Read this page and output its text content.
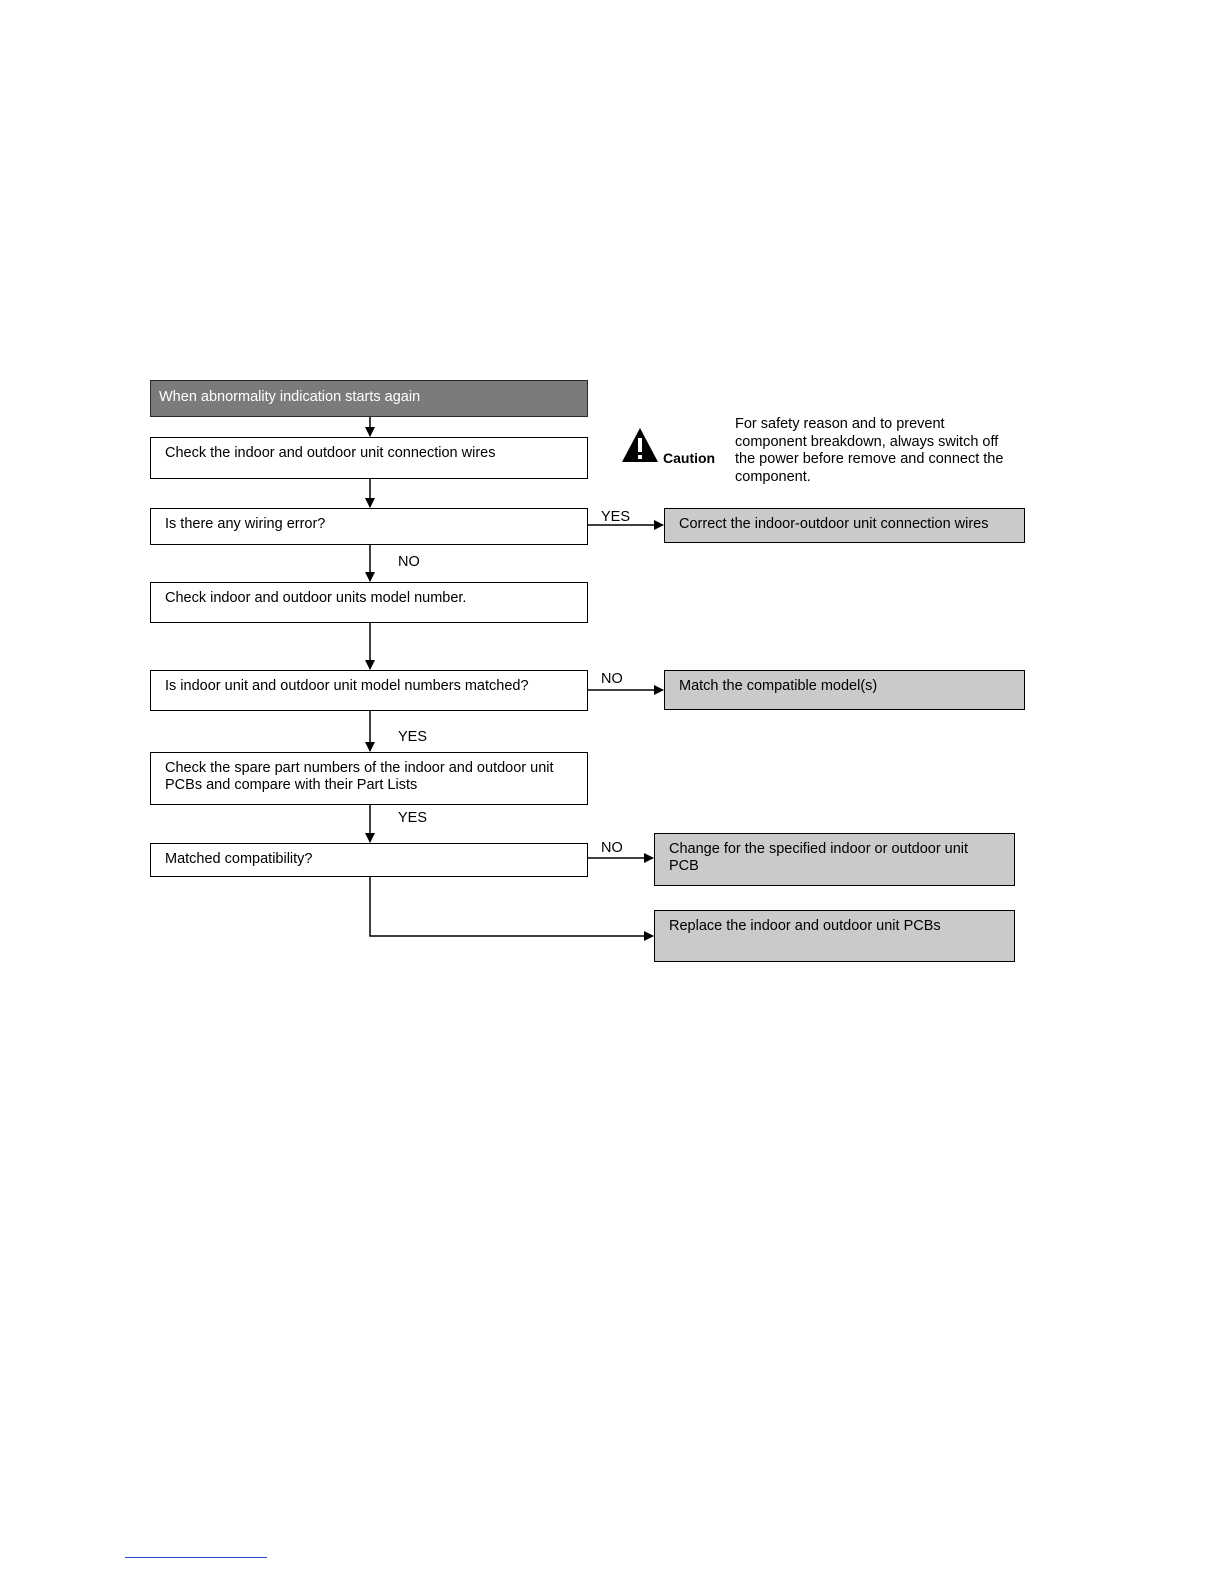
When abnormality indication starts again
Check the indoor and outdoor unit connection wires
Is there any wiring error?
Check indoor and outdoor units model number.
Is indoor unit and outdoor unit model numbers matched?
Check the spare part numbers of the indoor and outdoor unit
PCBs and compare with their Part Lists
Matched compatibility?
Correct the indoor-outdoor unit connection wires
Match the compatible model(s)
Change for the specified indoor or outdoor unit
PCB
Replace the indoor and outdoor unit PCBs
YES
NO
NO
YES
YES
NO
Caution
For safety reason and to prevent component breakdown, always switch off the power before remove and connect the component.
